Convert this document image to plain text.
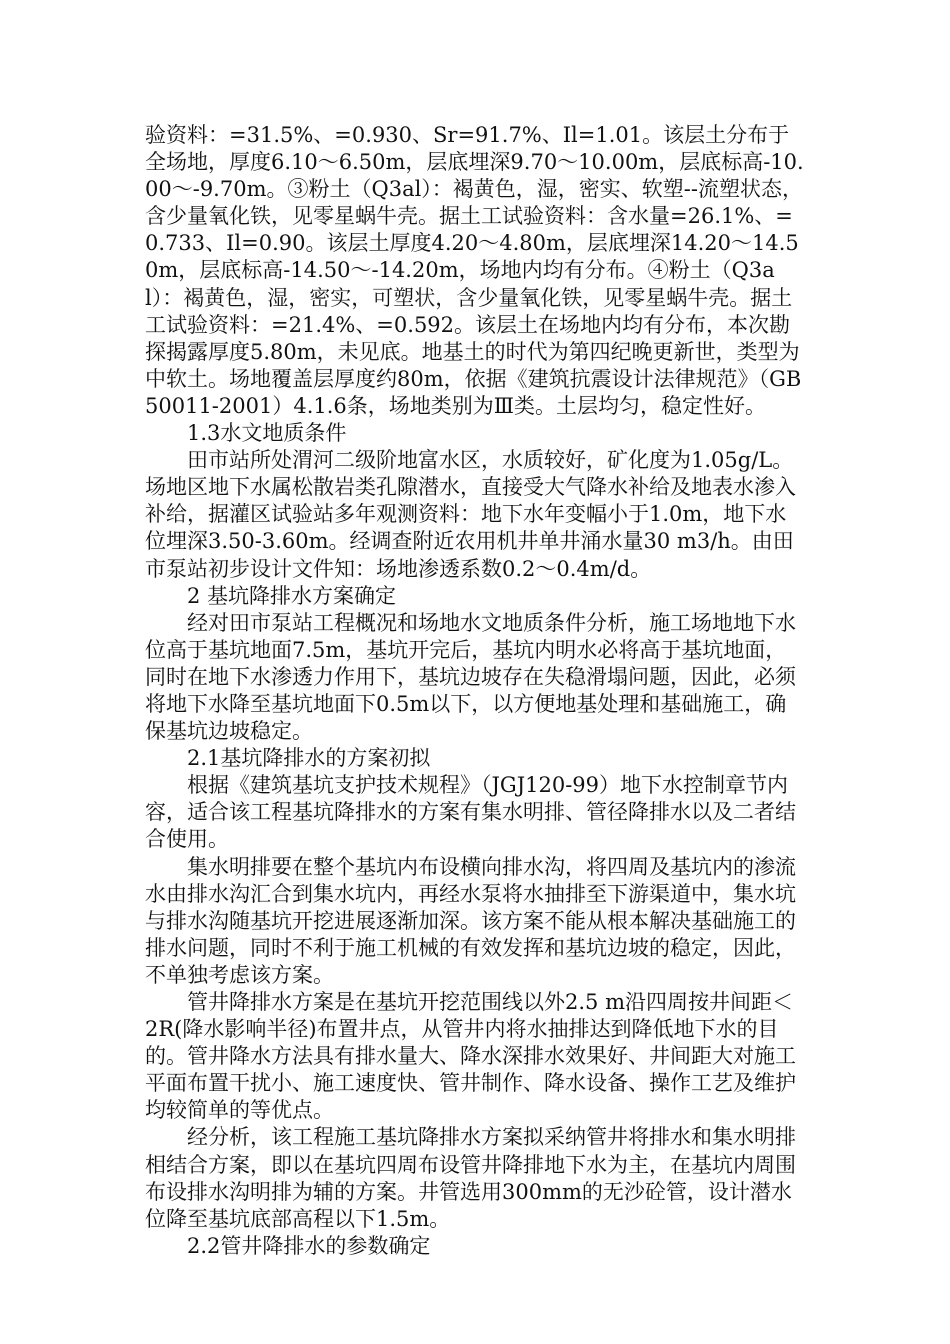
验资料：=31.5%、=0.930、Sr=91.7%、Il=1.01。该层土分布于全场地，厚度6.10～6.50m，层底埋深9.70～10.00m，层底标高-10.00～-9.70m。③粉土（Q3al）：褐黄色，湿，密实、软塑--流塑状态，含少量氧化铁，见零星蜗牛壳。据土工试验资料：含水量=26.1%、=0.733、Il=0.90。该层土厚度4.20～4.80m，层底埋深14.20～14.50m，层底标高-14.50～-14.20m，场地内均有分布。④粉土（Q3al）：褐黄色，湿，密实，可塑状，含少量氧化铁，见零星蜗牛壳。据土工试验资料：=21.4%、=0.592。该层土在场地内均有分布，本次勘探揭露厚度5.80m，未见底。地基土的时代为第四纪晚更新世，类型为中软土。场地覆盖层厚度约80m，依据《建筑抗震设计法律规范》（GB50011-2001）4.1.6条，场地类别为Ⅲ类。土层均匀，稳定性好。

1.3水文地质条件

田市站所处渭河二级阶地富水区，水质较好，矿化度为1.05g/L。场地区地下水属松散岩类孔隙潜水，直接受大气降水补给及地表水渗入补给，据灌区试验站多年观测资料：地下水年变幅小于1.0m，地下水位埋深3.50-3.60m。经调查附近农用机井单井涌水量30 m3/h。由田市泵站初步设计文件知：场地渗透系数0.2～0.4m/d。

2 基坑降排水方案确定

经对田市泵站工程概况和场地水文地质条件分析，施工场地地下水位高于基坑地面7.5m，基坑开完后，基坑内明水必将高于基坑地面，同时在地下水渗透力作用下，基坑边坡存在失稳滑塌问题，因此，必须将地下水降至基坑地面下0.5m以下，以方便地基处理和基础施工，确保基坑边坡稳定。

2.1基坑降排水的方案初拟

根据《建筑基坑支护技术规程》（JGJ120-99）地下水控制章节内容，适合该工程基坑降排水的方案有集水明排、管径降排水以及二者结合使用。

集水明排要在整个基坑内布设横向排水沟，将四周及基坑内的渗流水由排水沟汇合到集水坑内，再经水泵将水抽排至下游渠道中，集水坑与排水沟随基坑开挖进展逐渐加深。该方案不能从根本解决基础施工的排水问题，同时不利于施工机械的有效发挥和基坑边坡的稳定，因此，不单独考虑该方案。

管井降排水方案是在基坑开挖范围线以外2.5 m沿四周按井间距＜2R(降水影响半径)布置井点，从管井内将水抽排达到降低地下水的目的。管井降水方法具有排水量大、降水深排水效果好、井间距大对施工平面布置干扰小、施工速度快、管井制作、降水设备、操作工艺及维护均较简单的等优点。

经分析，该工程施工基坑降排水方案拟采纳管井将排水和集水明排相结合方案，即以在基坑四周布设管井降排地下水为主，在基坑内周围布设排水沟明排为辅的方案。井管选用300mm的无沙砼管，设计潜水位降至基坑底部高程以下1.5m。

2.2管井降排水的参数确定
